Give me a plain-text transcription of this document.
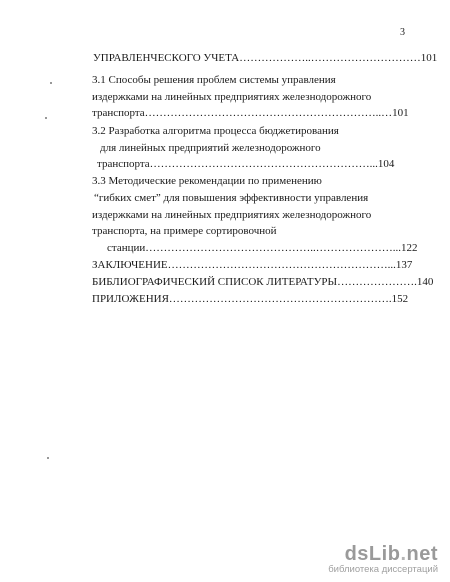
3
УПРАВЛЕНЧЕСКОГО УЧЕТА………………..…………………………101
3.1 Способы решения проблем системы управления
издержками на линейных предприятиях железнодорожного
транспорта………………………………………………………..…101
3.2 Разработка алгоритма процесса бюджетирования
для линейных предприятий железнодорожного
транспорта……………………………………………………...104
3.3 Методические рекомендации по применению
“гибких смет” для повышения эффективности управления
издержками на линейных предприятиях железнодорожного
транспорта, на примере сортировочной
станции………………………………………..…………………...122
ЗАКЛЮЧЕНИЕ……………………………………………………...137
БИБЛИОГРАФИЧЕСКИЙ СПИСОК ЛИТЕРАТУРЫ………………….140
ПРИЛОЖЕНИЯ…………………………………………………….152
dsLib.net
библиотека диссертаций
